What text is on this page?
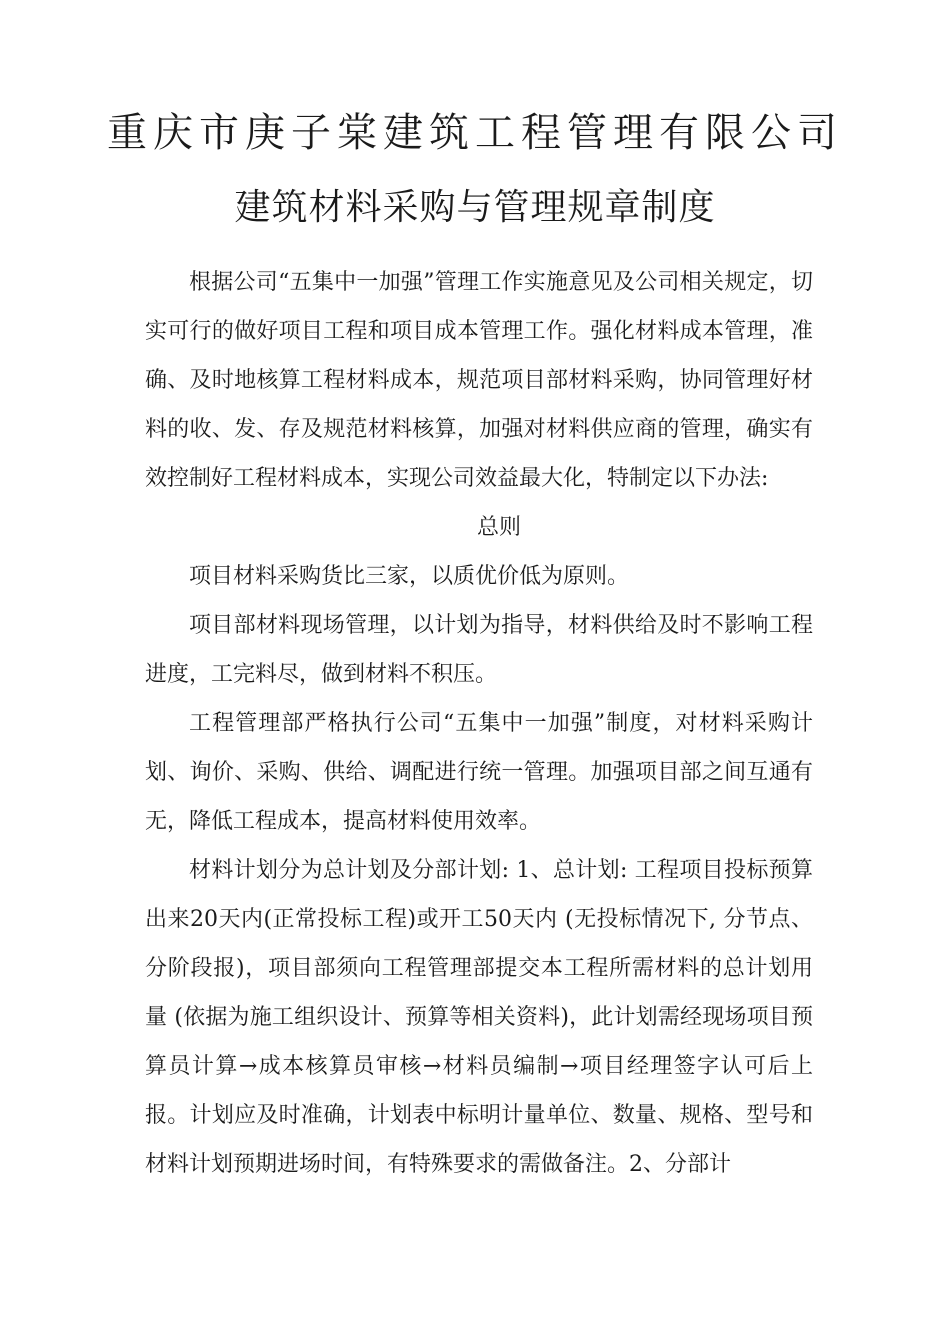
重庆市庚子棠建筑工程管理有限公司
建筑材料采购与管理规章制度

根据公司“五集中一加强”管理工作实施意见及公司相关规定，切实可行的做好项目工程和项目成本管理工作。强化材料成本管理，准确、及时地核算工程材料成本，规范项目部材料采购，协同管理好材料的收、发、存及规范材料核算，加强对材料供应商的管理，确实有效控制好工程材料成本，实现公司效益最大化，特制定以下办法:

总则

项目材料采购货比三家，以质优价低为原则。

项目部材料现场管理，以计划为指导，材料供给及时不影响工程进度，工完料尽，做到材料不积压。

工程管理部严格执行公司“五集中一加强”制度，对材料采购计划、询价、采购、供给、调配进行统一管理。加强项目部之间互通有无，降低工程成本，提高材料使用效率。

材料计划分为总计划及分部计划: 1、总计划: 工程项目投标预算出来20天内(正常投标工程)或开工50天内 (无投标情况下, 分节点、分阶段报)，项目部须向工程管理部提交本工程所需材料的总计划用量 (依据为施工组织设计、预算等相关资料)，此计划需经现场项目预算员计算→成本核算员审核→材料员编制→项目经理签字认可后上报。计划应及时准确，计划表中标明计量单位、数量、规格、型号和材料计划预期进场时间，有特殊要求的需做备注。2、分部计
